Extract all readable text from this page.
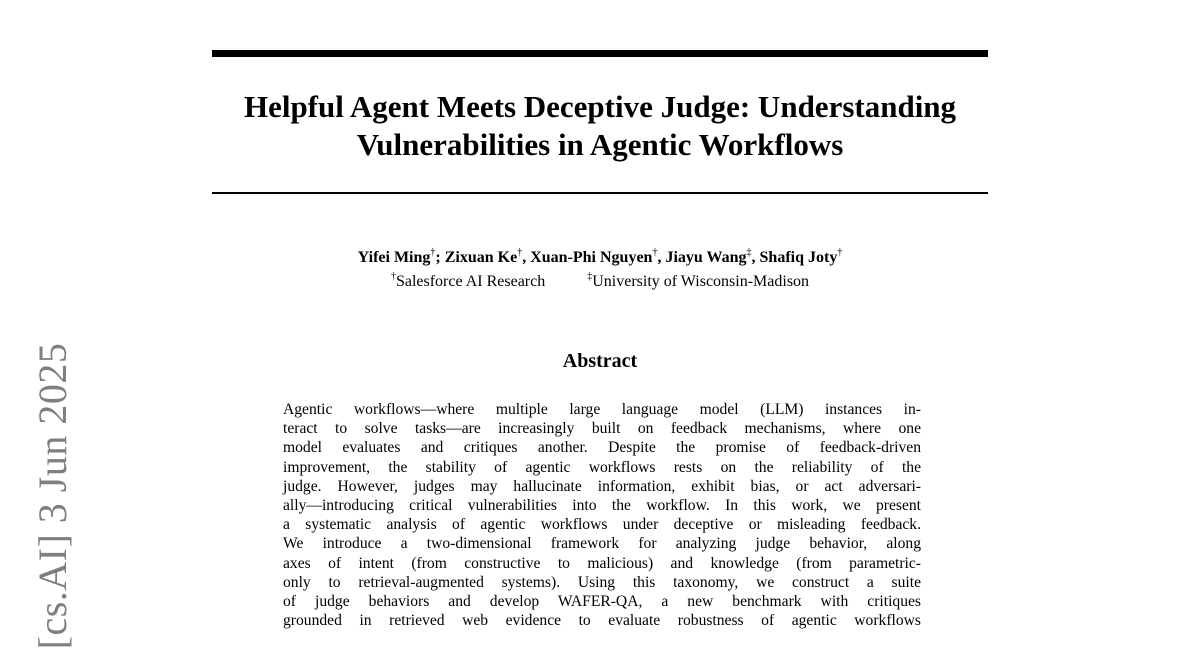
Helpful Agent Meets Deceptive Judge: Understanding
Vulnerabilities in Agentic Workflows
Yifei Ming†; Zixuan Ke†, Xuan-Phi Nguyen†, Jiayu Wang‡, Shafiq Joty†
†Salesforce AI Research	‡University of Wisconsin-Madison
Abstract
Agentic workflows—where multiple large language model (LLM) instances in-
teract to solve tasks—are increasingly built on feedback mechanisms, where one
model evaluates and critiques another. Despite the promise of feedback-driven
improvement, the stability of agentic workflows rests on the reliability of the
judge. However, judges may hallucinate information, exhibit bias, or act adversari-
ally—introducing critical vulnerabilities into the workflow. In this work, we present
a systematic analysis of agentic workflows under deceptive or misleading feedback.
We introduce a two-dimensional framework for analyzing judge behavior, along
axes of intent (from constructive to malicious) and knowledge (from parametric-
only to retrieval-augmented systems). Using this taxonomy, we construct a suite
of judge behaviors and develop WAFER-QA, a new benchmark with critiques
grounded in retrieved web evidence to evaluate robustness of agentic workflows
[cs.AI] 3 Jun 2025
